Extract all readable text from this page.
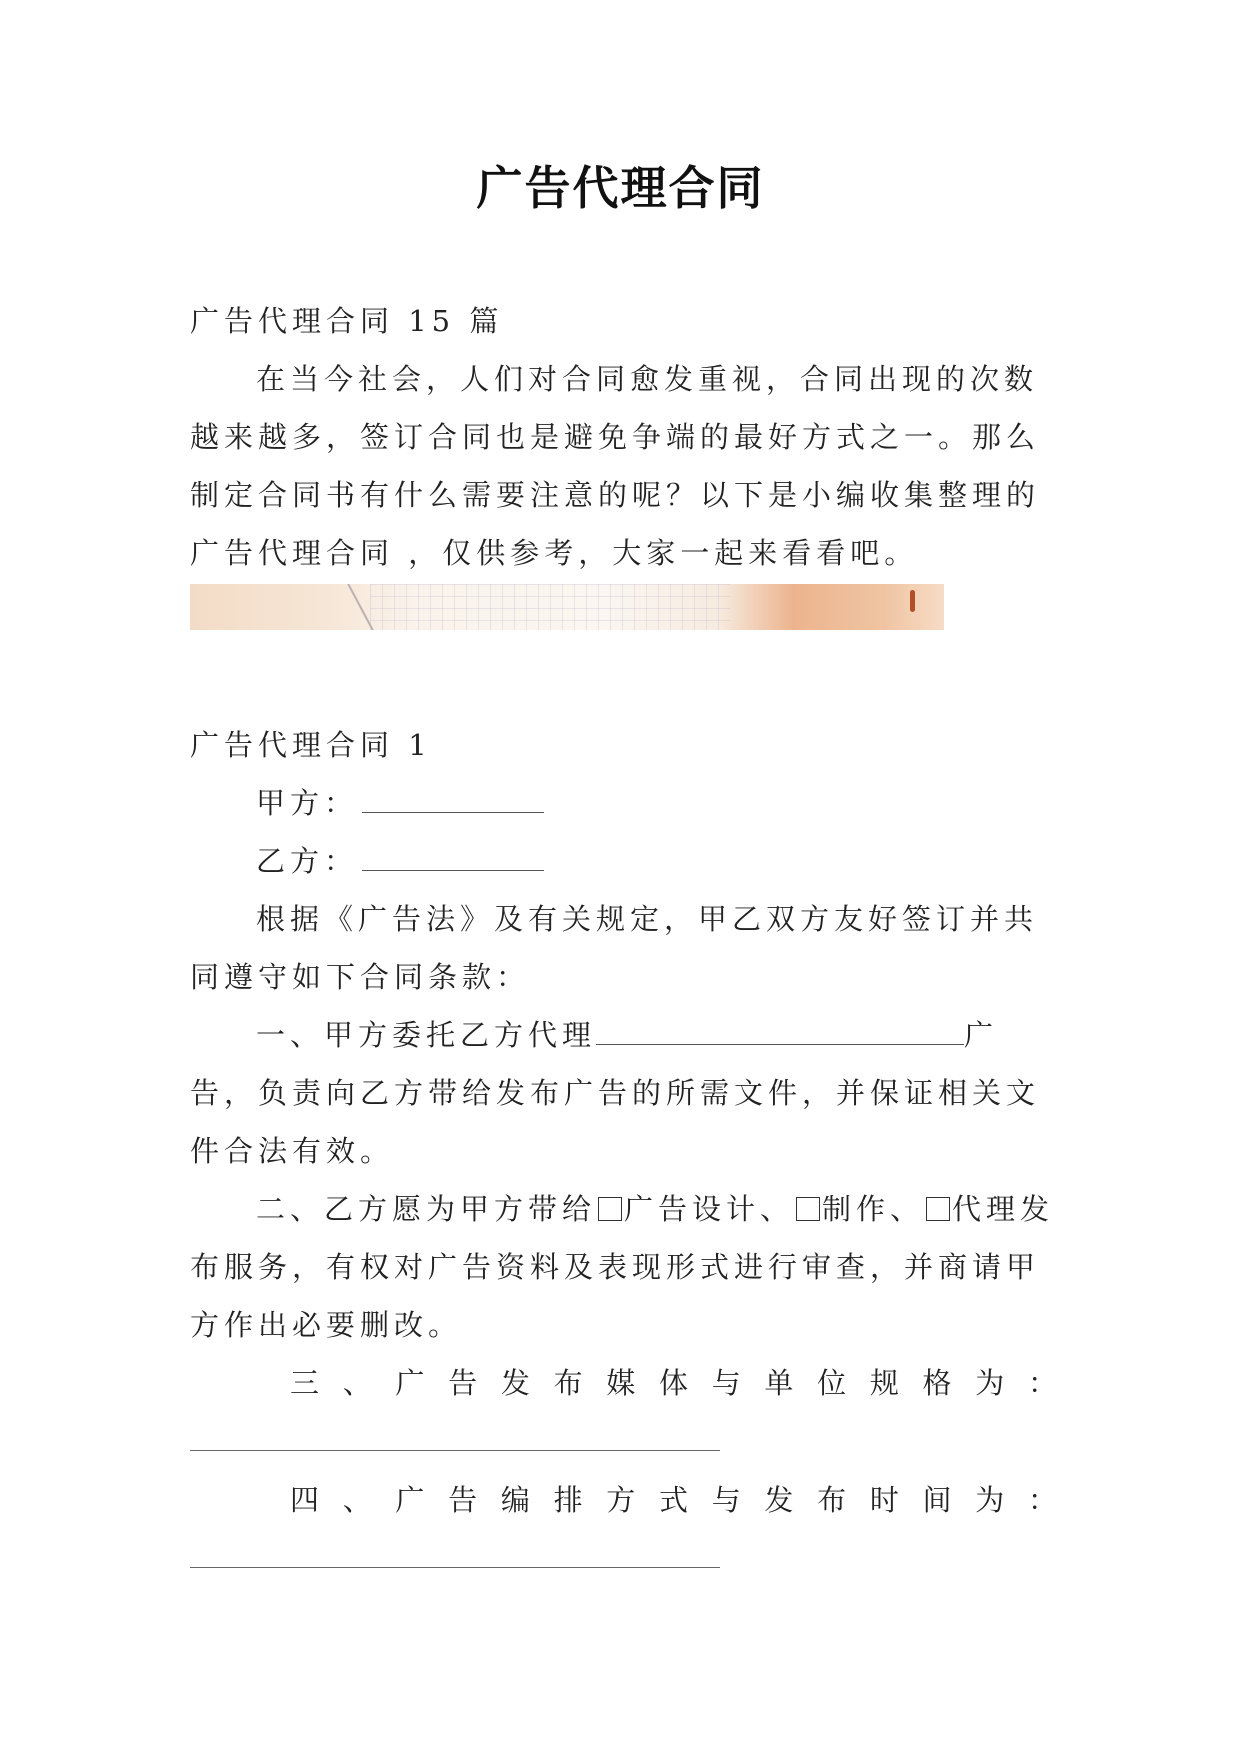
广告代理合同

广告代理合同 15 篇

在当今社会，人们对合同愈发重视，合同出现的次数越来越多，签订合同也是避免争端的最好方式之一。那么制定合同书有什么需要注意的呢？以下是小编收集整理的广告代理合同 ，仅供参考，大家一起来看看吧。

广告代理合同 1

甲方：

乙方：

根据《广告法》及有关规定，甲乙双方友好签订并共同遵守如下合同条款：

一、甲方委托乙方代理	广告，负责向乙方带给发布广告的所需文件，并保证相关文件合法有效。

二、乙方愿为甲方带给 广告设计、 制作、 代理发布服务，有权对广告资料及表现形式进行审查，并商请甲方作出必要删改。

三、广告发布媒体与单位规格为：

四、广告编排方式与发布时间为：
